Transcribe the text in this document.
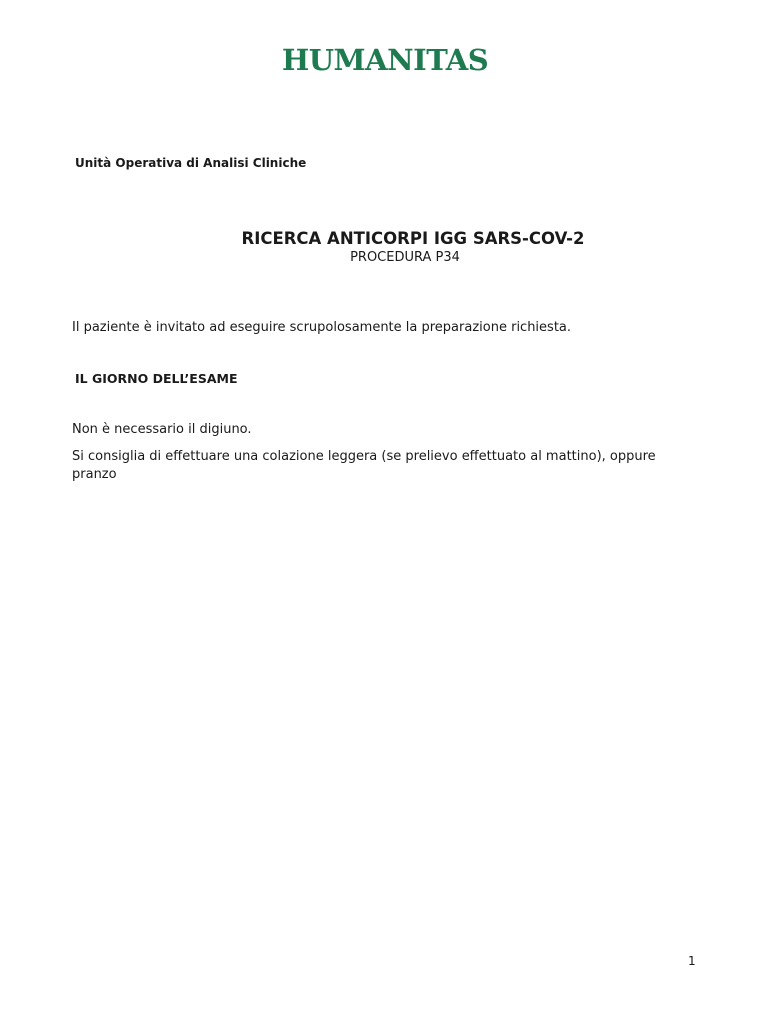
HUMANITAS
Unità Operativa di Analisi Cliniche
RICERCA ANTICORPI IGG SARS-COV-2
PROCEDURA P34
Il paziente è invitato ad eseguire scrupolosamente la preparazione richiesta.
IL GIORNO DELL’ESAME
Non è necessario il digiuno.
Si consiglia di effettuare una colazione leggera (se prelievo effettuato al mattino), oppure pranzo
1
